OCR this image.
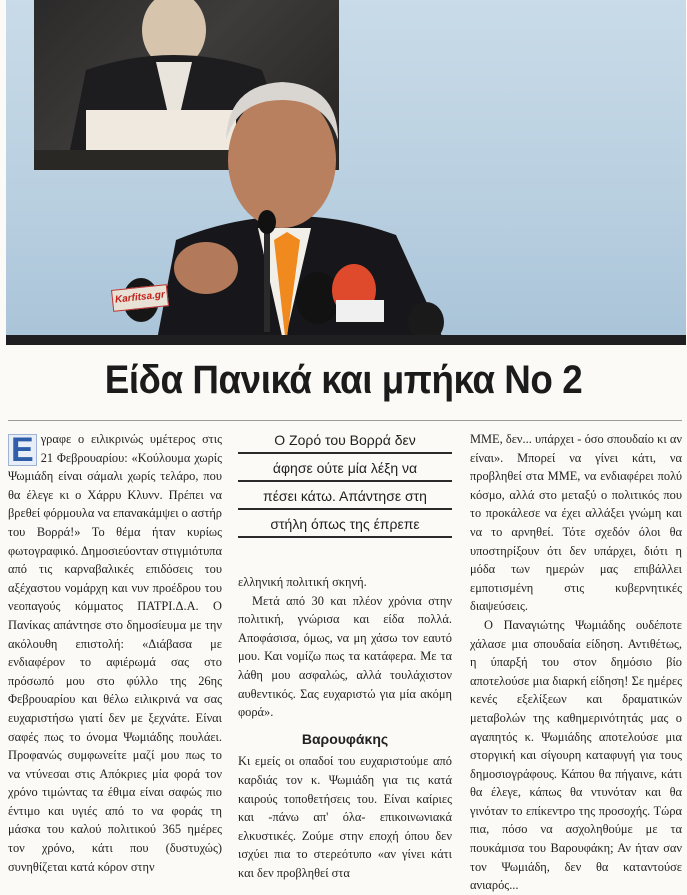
Karfitsa.gr
Είδα Πανικά και μπήκα Νο 2
Ε γραφε ο ειλικρινώς υμέτερος στις 21 Φεβρουαρίου: «Κούλουμα χωρίς Ψωμιάδη είναι σάμαλι χωρίς τελάρο, που θα έλεγε κι ο Χάρρυ Κλυνν. Πρέπει να βρεθεί φόρμουλα να επανακάμψει ο αστήρ του Βορρά!» Το θέμα ήταν κυρίως φωτογραφικό. Δημοσιεύονταν στιγμιότυπα από τις καρναβαλικές επιδόσεις του αξέχαστου νομάρχη και νυν προέδρου του νεοπαγούς κόμματος ΠΑΤΡΙ.Δ.Α. Ο Πανίκας απάντησε στο δημοσίευμα με την ακόλουθη επιστολή: «Διάβασα με ενδιαφέρον το αφιέρωμά σας στο πρόσωπό μου στο φύλλο της 26ης Φεβρουαρίου και θέλω ειλικρινά να σας ευχαριστήσω γιατί δεν με ξεχνάτε. Είναι σαφές πως το όνομα Ψωμιάδης πουλάει. Προφανώς συμφωνείτε μαζί μου πως το να ντύνεσαι στις Απόκριες μία φορά τον χρόνο τιμώντας τα έθιμα είναι σαφώς πιο έντιμο και υγιές από το να φοράς τη μάσκα του καλού πολιτικού 365 ημέρες τον χρόνο, κάτι που (δυστυχώς) συνηθίζεται κατά κόρον στην

Ο Ζορό του Βορρά δεν
άφησε ούτε μία λέξη να
πέσει κάτω. Απάντησε στη
στήλη όπως της έπρεπε

ελληνική πολιτική σκηνή.

Μετά από 30 και πλέον χρόνια στην πολιτική, γνώρισα και είδα πολλά. Αποφάσισα, όμως, να μη χάσω τον εαυτό μου. Και νομίζω πως τα κατάφερα. Με τα λάθη μου ασφαλώς, αλλά τουλάχιστον αυθεντικός. Σας ευχαριστώ για μία ακόμη φορά».

Βαρουφάκης

Κι εμείς οι οπαδοί του ευχαριστούμε από καρδιάς τον κ. Ψωμιάδη για τις κατά καιρούς τοποθετήσεις του. Είναι καίριες και -πάνω απ' όλα- επικοινωνιακά ελκυστικές. Ζούμε στην εποχή όπου δεν ισχύει πια το στερεότυπο «αν γίνει κάτι και δεν προβληθεί στα

ΜΜΕ, δεν... υπάρχει - όσο σπουδαίο κι αν είναι». Μπορεί να γίνει κάτι, να προβληθεί στα ΜΜΕ, να ενδιαφέρει πολύ κόσμο, αλλά στο μεταξύ ο πολιτικός που το προκάλεσε να έχει αλλάξει γνώμη και να το αρνηθεί. Τότε σχεδόν όλοι θα υποστηρίξουν ότι δεν υπάρχει, διότι η μόδα των ημερών μας επιβάλλει εμποτισμένη στις κυβερνητικές διαψεύσεις.

Ο Παναγιώτης Ψωμιάδης ουδέποτε χάλασε μια σπουδαία είδηση. Αντιθέτως, η ύπαρξή του στον δημόσιο βίο αποτελούσε μια διαρκή είδηση! Σε ημέρες κενές εξελίξεων και δραματικών μεταβολών της καθημερινότητάς μας ο αγαπητός κ. Ψωμιάδης αποτελούσε μια στοργική και σίγουρη καταφυγή για τους δημοσιογράφους. Κάπου θα πήγαινε, κάτι θα έλεγε, κάπως θα ντυνόταν και θα γινόταν το επίκεντρο της προσοχής. Τώρα πια, πόσο να ασχοληθούμε με τα πουκάμισα του Βαρουφάκη; Αν ήταν σαν τον Ψωμιάδη, δεν θα καταντούσε ανιαρός...
